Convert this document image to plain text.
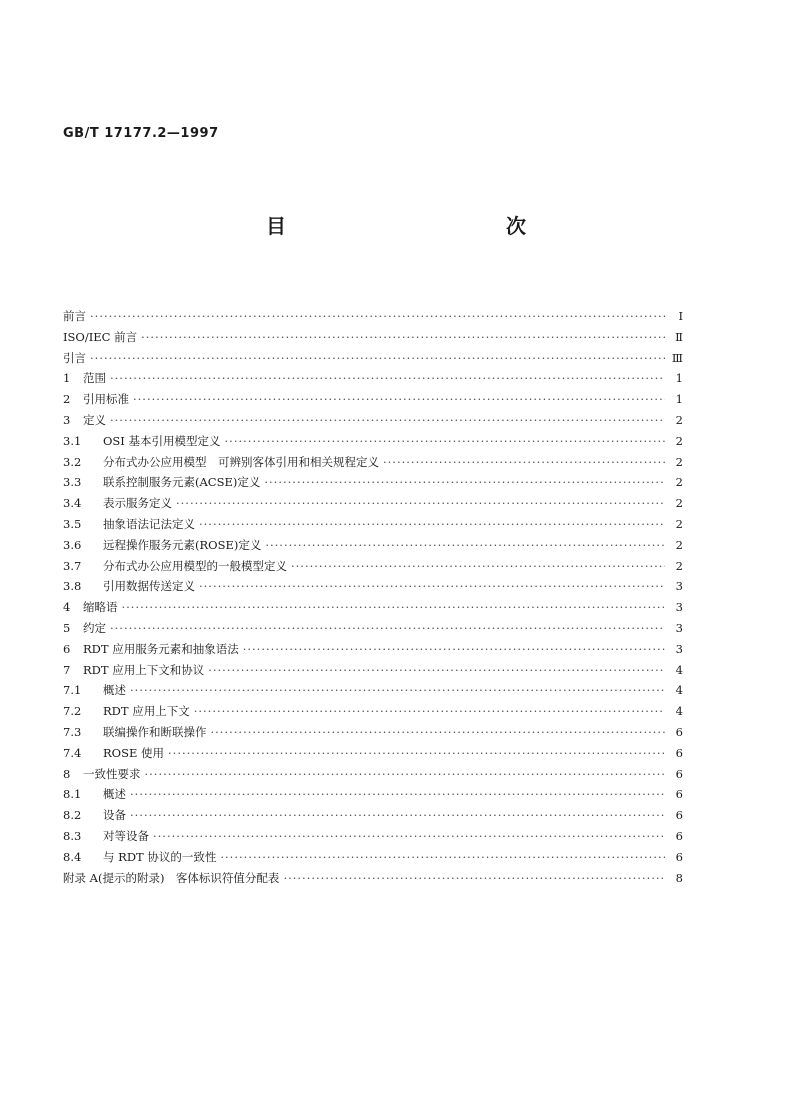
GB/T 17177.2—1997
目　　次
前言 ·····	Ⅰ
ISO/IEC 前言 ·····	Ⅱ
引言 ·····	Ⅲ
1	范围 ·····	1
2	引用标准 ·····	1
3	定义 ·····	2
3.1	OSI 基本引用模型定义 ·····	2
3.2	分布式办公应用模型　可辨别客体引用和相关规程定义 ·····	2
3.3	联系控制服务元素(ACSE)定义 ·····	2
3.4	表示服务定义 ·····	2
3.5	抽象语法记法定义 ·····	2
3.6	远程操作服务元素(ROSE)定义 ·····	2
3.7	分布式办公应用模型的一般模型定义 ·····	2
3.8	引用数据传送定义 ·····	3
4	缩略语 ·····	3
5	约定 ·····	3
6	RDT 应用服务元素和抽象语法 ·····	3
7	RDT 应用上下文和协议 ·····	4
7.1	概述 ·····	4
7.2	RDT 应用上下文 ·····	4
7.3	联编操作和断联操作 ·····	6
7.4	ROSE 使用 ·····	6
8	一致性要求 ·····	6
8.1	概述 ·····	6
8.2	设备 ·····	6
8.3	对等设备 ·····	6
8.4	与 RDT 协议的一致性 ·····	6
附录 A(提示的附录)　客体标识符值分配表 ·····	8
